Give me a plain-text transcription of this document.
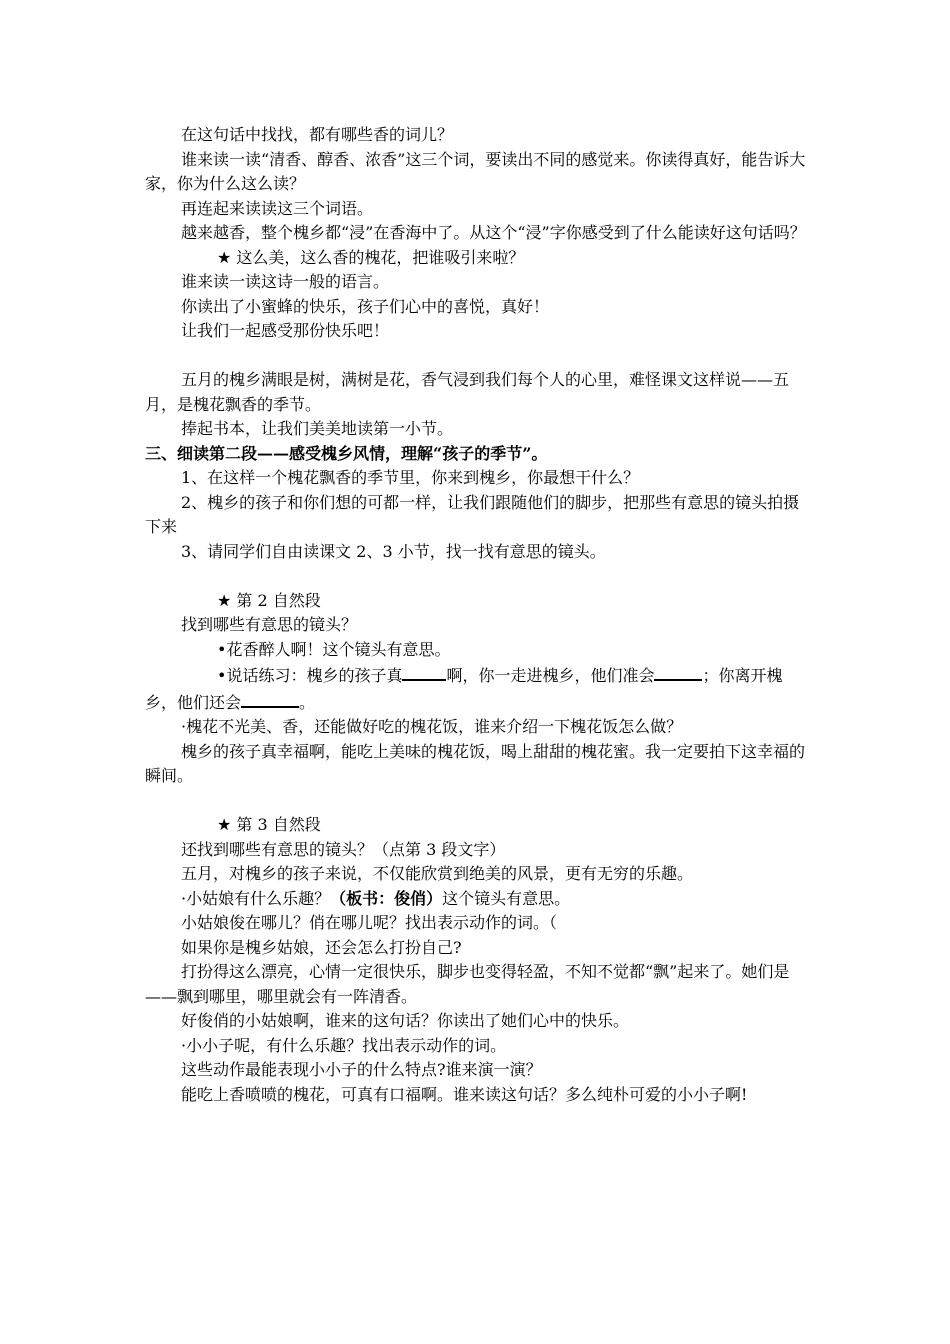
在这句话中找找，都有哪些香的词儿？

谁来读一读“清香、醇香、浓香”这三个词，要读出不同的感觉来。你读得真好，能告诉大家，你为什么这么读？

再连起来读读这三个词语。

越来越香，整个槐乡都“浸”在香海中了。从这个“浸”字你感受到了什么能读好这句话吗？

★ 这么美，这么香的槐花，把谁吸引来啦？

谁来读一读这诗一般的语言。

你读出了小蜜蜂的快乐，孩子们心中的喜悦，真好！

让我们一起感受那份快乐吧！

五月的槐乡满眼是树，满树是花，香气浸到我们每个人的心里，难怪课文这样说——五月，是槐花飘香的季节。

捧起书本，让我们美美地读第一小节。

三、细读第二段——感受槐乡风情，理解“孩子的季节”。

1、在这样一个槐花飘香的季节里，你来到槐乡，你最想干什么？

2、槐乡的孩子和你们想的可都一样，让我们跟随他们的脚步，把那些有意思的镜头拍摄下来

3、请同学们自由读课文 2、3 小节，找一找有意思的镜头。

★ 第 2 自然段

找到哪些有意思的镜头？

•花香醉人啊！这个镜头有意思。

•说话练习：槐乡的孩子真	啊，你一走进槐乡，他们准会	；你离开槐乡，他们还会	。

·槐花不光美、香，还能做好吃的槐花饭，谁来介绍一下槐花饭怎么做？

槐乡的孩子真幸福啊，能吃上美味的槐花饭，喝上甜甜的槐花蜜。我一定要拍下这幸福的瞬间。

★ 第 3 自然段

还找到哪些有意思的镜头？（点第 3 段文字）

五月，对槐乡的孩子来说，不仅能欣赏到绝美的风景，更有无穷的乐趣。

·小姑娘有什么乐趣？（板书：俊俏）这个镜头有意思。

小姑娘俊在哪儿？俏在哪儿呢？找出表示动作的词。（

如果你是槐乡姑娘，还会怎么打扮自己?

打扮得这么漂亮，心情一定很快乐，脚步也变得轻盈，不知不觉都“飘”起来了。她们是——飘到哪里，哪里就会有一阵清香。

好俊俏的小姑娘啊，谁来的这句话？你读出了她们心中的快乐。

·小小子呢，有什么乐趣？找出表示动作的词。

这些动作最能表现小小子的什么特点?谁来演一演？

能吃上香喷喷的槐花，可真有口福啊。谁来读这句话？多么纯朴可爱的小小子啊!
